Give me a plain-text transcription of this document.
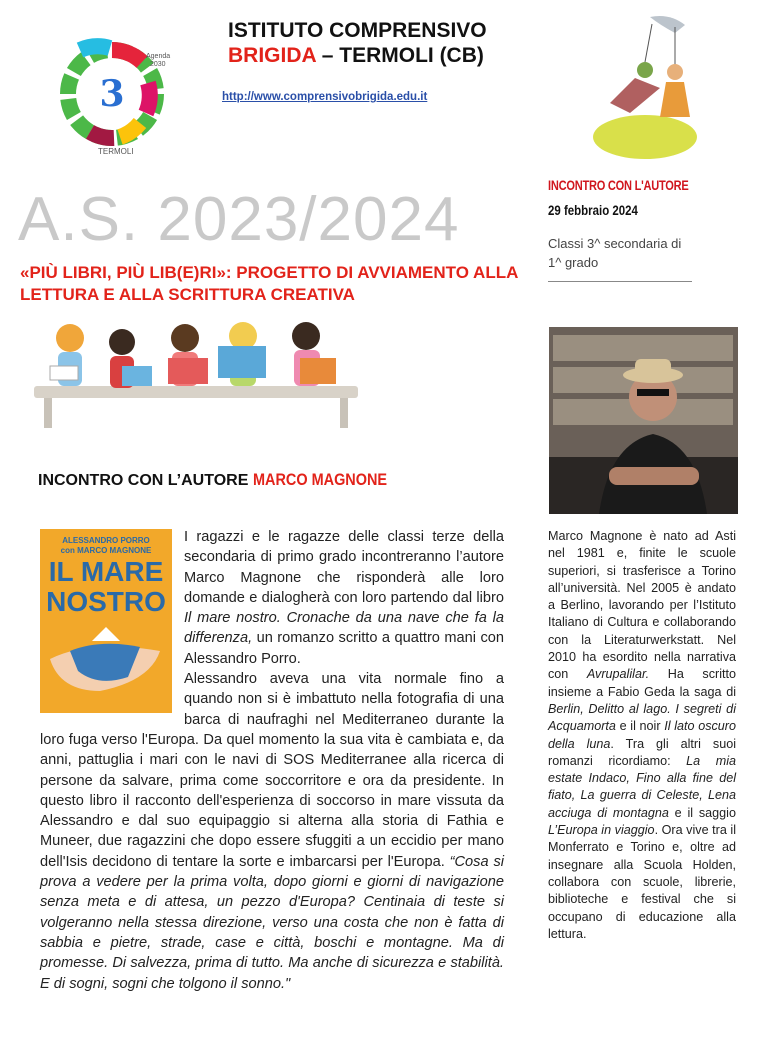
3
Agenda
2030
TERMOLI
ISTITUTO COMPRENSIVO
BRIGIDA – TERMOLI (CB)
http://www.comprensivobrigida.edu.it
A.S. 2023/2024
«PIÙ LIBRI, PIÙ LIB(E)RI»: PROGETTO DI AVVIAMENTO ALLA LETTURA E ALLA SCRITTURA CREATIVA
INCONTRO CON L'AUTORE
29 febbraio 2024
Classi 3^ secondaria di 1^ grado
INCONTRO CON L’AUTORE MARCO MAGNONE
ALESSANDRO PORRO
con MARCO MAGNONE
IL MARE
NOSTRO
I ragazzi e le ragazze delle classi terze della secondaria di primo grado incontreranno l’autore Marco Magnone che risponderà alle loro domande e dialogherà con loro partendo dal libro Il mare nostro. Cronache da una nave che fa la differenza, un romanzo scritto a quattro mani con Alessandro Porro.
Alessandro aveva una vita normale fino a quando non si è imbattuto nella fotografia di una barca di naufraghi nel Mediterraneo durante la loro fuga verso l'Europa. Da quel momento la sua vita è cambiata e, da anni, pattuglia i mari con le navi di SOS Mediterranee alla ricerca di persone da salvare, prima come soccorritore e ora da presidente. In questo libro il racconto dell'esperienza di soccorso in mare vissuta da Alessandro e dal suo equipaggio si alterna alla storia di Fathia e Muneer, due ragazzini che dopo essere sfuggiti a un eccidio per mano dell'Isis decidono di tentare la sorte e imbarcarsi per l'Europa. “Cosa si prova a vedere per la prima volta, dopo giorni e giorni di navigazione senza meta e di attesa, un pezzo d'Europa? Centinaia di teste si volgeranno nella stessa direzione, verso una costa che non è fatta di sabbia e pietre, strade, case e città, boschi e montagne. Ma di promesse. Di salvezza, prima di tutto. Ma anche di sicurezza e stabilità. E di sogni, sogni che tolgono il sonno."
Marco Magnone è nato ad Asti nel 1981 e, finite le scuole superiori, si trasferisce a Torino all’università. Nel 2005 è andato a Berlino, lavorando per l’Istituto Italiano di Cultura e collaborando con la Literaturwerkstatt. Nel 2010 ha esordito nella narrativa con Avrupalilar. Ha scritto insieme a Fabio Geda la saga di Berlin, Delitto al lago. I segreti di Acquamorta e il noir Il lato oscuro della luna. Tra gli altri suoi romanzi ricordiamo: La mia estate Indaco, Fino alla fine del fiato, La guerra di Celeste, Lena acciuga di montagna e il saggio L’Europa in viaggio. Ora vive tra il Monferrato e Torino e, oltre ad insegnare alla Scuola Holden, collabora con scuole, librerie, biblioteche e festival che si occupano di educazione alla lettura.
